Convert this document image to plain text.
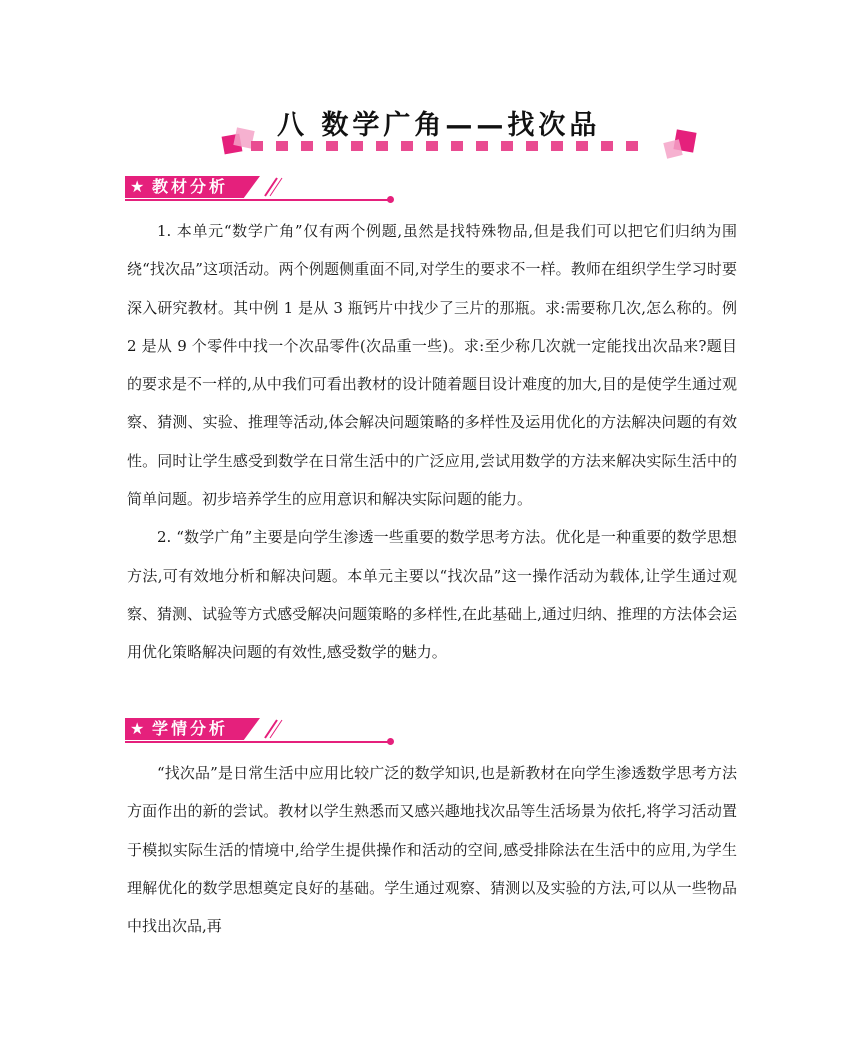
八 数学广角——找次品
★ 教材分析

1. 本单元“数学广角”仅有两个例题,虽然是找特殊物品,但是我们可以把它们归纳为围绕“找次品”这项活动。两个例题侧重面不同,对学生的要求不一样。教师在组织学生学习时要深入研究教材。其中例 1 是从 3 瓶钙片中找少了三片的那瓶。求:需要称几次,怎么称的。例 2 是从 9 个零件中找一个次品零件(次品重一些)。求:至少称几次就一定能找出次品来?题目的要求是不一样的,从中我们可看出教材的设计随着题目设计难度的加大,目的是使学生通过观察、猜测、实验、推理等活动,体会解决问题策略的多样性及运用优化的方法解决问题的有效性。同时让学生感受到数学在日常生活中的广泛应用,尝试用数学的方法来解决实际生活中的简单问题。初步培养学生的应用意识和解决实际问题的能力。

2. “数学广角”主要是向学生渗透一些重要的数学思考方法。优化是一种重要的数学思想方法,可有效地分析和解决问题。本单元主要以“找次品”这一操作活动为载体,让学生通过观察、猜测、试验等方式感受解决问题策略的多样性,在此基础上,通过归纳、推理的方法体会运用优化策略解决问题的有效性,感受数学的魅力。

★ 学情分析

“找次品”是日常生活中应用比较广泛的数学知识,也是新教材在向学生渗透数学思考方法方面作出的新的尝试。教材以学生熟悉而又感兴趣地找次品等生活场景为依托,将学习活动置于模拟实际生活的情境中,给学生提供操作和活动的空间,感受排除法在生活中的应用,为学生理解优化的数学思想奠定良好的基础。学生通过观察、猜测以及实验的方法,可以从一些物品中找出次品,再
